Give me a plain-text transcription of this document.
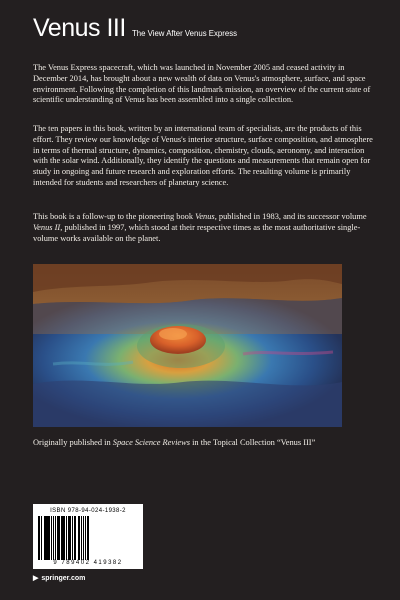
Venus III The View After Venus Express

The Venus Express spacecraft, which was launched in November 2005 and ceased activity in December 2014, has brought about a new wealth of data on Venus's atmosphere, surface, and space environment. Following the completion of this landmark mission, an overview of the current state of scientific understanding of Venus has been assembled into a single collection.

The ten papers in this book, written by an international team of specialists, are the products of this effort. They review our knowledge of Venus's interior structure, surface composition, and atmosphere in terms of thermal structure, dynamics, composition, chemistry, clouds, aeronomy, and interaction with the solar wind. Additionally, they identify the questions and measurements that remain open for study in ongoing and future research and exploration efforts. The resulting volume is primarily intended for students and researchers of planetary science.

This book is a follow-up to the pioneering book Venus, published in 1983, and its successor volume Venus II, published in 1997, which stood at their respective times as the most authoritative single-volume works available on the planet.

Originally published in Space Science Reviews in the Topical Collection “Venus III”
ISBN 978-94-024-1938-2
9 789402 419382
▶ springer.com
